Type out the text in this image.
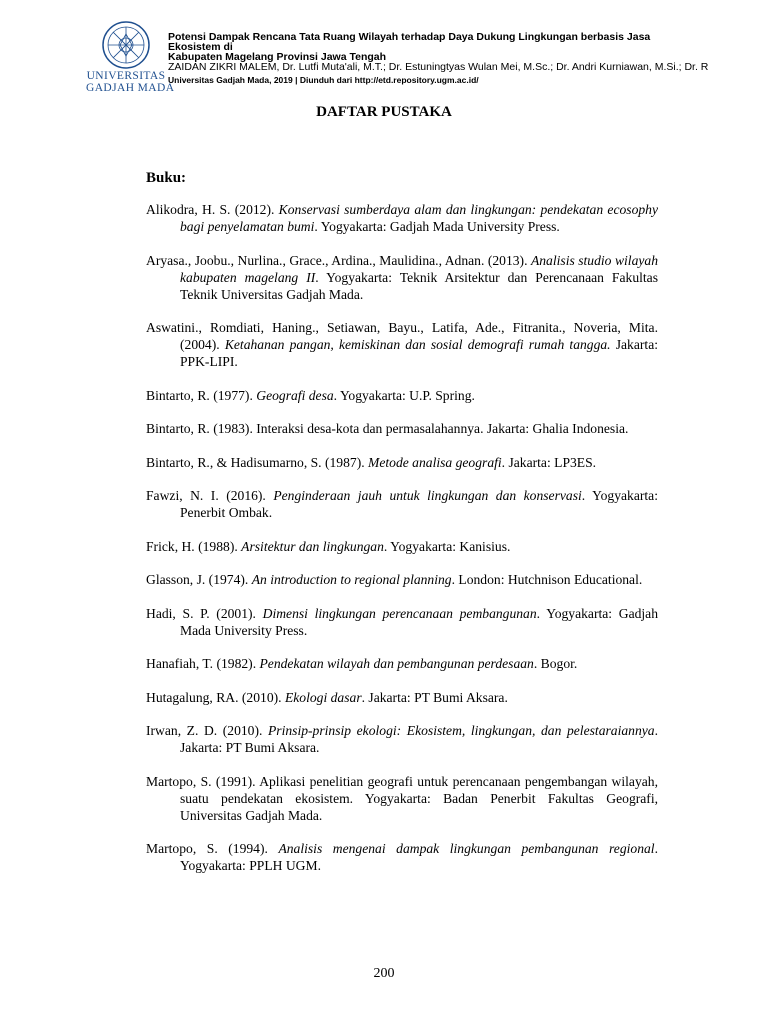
UNIVERSITAS
GADJAH MADA

Potensi Dampak Rencana Tata Ruang Wilayah terhadap Daya Dukung Lingkungan berbasis Jasa

Ekosistem di

Kabupaten Magelang Provinsi Jawa Tengah

ZAIDAN ZIKRI MALEM, Dr. Lutfi Muta'ali, M.T.; Dr. Estuningtyas Wulan Mei, M.Sc.; Dr. Andri Kurniawan, M.Si.; Dr. R

Universitas Gadjah Mada, 2019 | Diunduh dari http://etd.repository.ugm.ac.id/

DAFTAR PUSTAKA
Buku:

Alikodra, H. S. (2012). Konservasi sumberdaya alam dan lingkungan: pendekatan ecosophy bagi penyelamatan bumi. Yogyakarta: Gadjah Mada University Press.

Aryasa., Joobu., Nurlina., Grace., Ardina., Maulidina., Adnan. (2013). Analisis studio wilayah kabupaten magelang II. Yogyakarta: Teknik Arsitektur dan Perencanaan Fakultas Teknik Universitas Gadjah Mada.

Aswatini., Romdiati, Haning., Setiawan, Bayu., Latifa, Ade., Fitranita., Noveria, Mita. (2004). Ketahanan pangan, kemiskinan dan sosial demografi rumah tangga. Jakarta: PPK-LIPI.

Bintarto, R. (1977). Geografi desa. Yogyakarta: U.P. Spring.

Bintarto, R. (1983). Interaksi desa-kota dan permasalahannya. Jakarta: Ghalia Indonesia.

Bintarto, R., & Hadisumarno, S. (1987). Metode analisa geografi. Jakarta: LP3ES.

Fawzi, N. I. (2016). Penginderaan jauh untuk lingkungan dan konservasi. Yogyakarta: Penerbit Ombak.

Frick, H. (1988). Arsitektur dan lingkungan. Yogyakarta: Kanisius.

Glasson, J. (1974). An introduction to regional planning. London: Hutchnison Educational.

Hadi, S. P. (2001). Dimensi lingkungan perencanaan pembangunan. Yogyakarta: Gadjah Mada University Press.

Hanafiah, T. (1982). Pendekatan wilayah dan pembangunan perdesaan. Bogor.

Hutagalung, RA. (2010). Ekologi dasar. Jakarta: PT Bumi Aksara.

Irwan, Z. D. (2010). Prinsip-prinsip ekologi: Ekosistem, lingkungan, dan pelestaraiannya. Jakarta: PT Bumi Aksara.

Martopo, S. (1991). Aplikasi penelitian geografi untuk perencanaan pengembangan wilayah, suatu pendekatan ekosistem. Yogyakarta: Badan Penerbit Fakultas Geografi, Universitas Gadjah Mada.

Martopo, S. (1994). Analisis mengenai dampak lingkungan pembangunan regional. Yogyakarta: PPLH UGM.

200
